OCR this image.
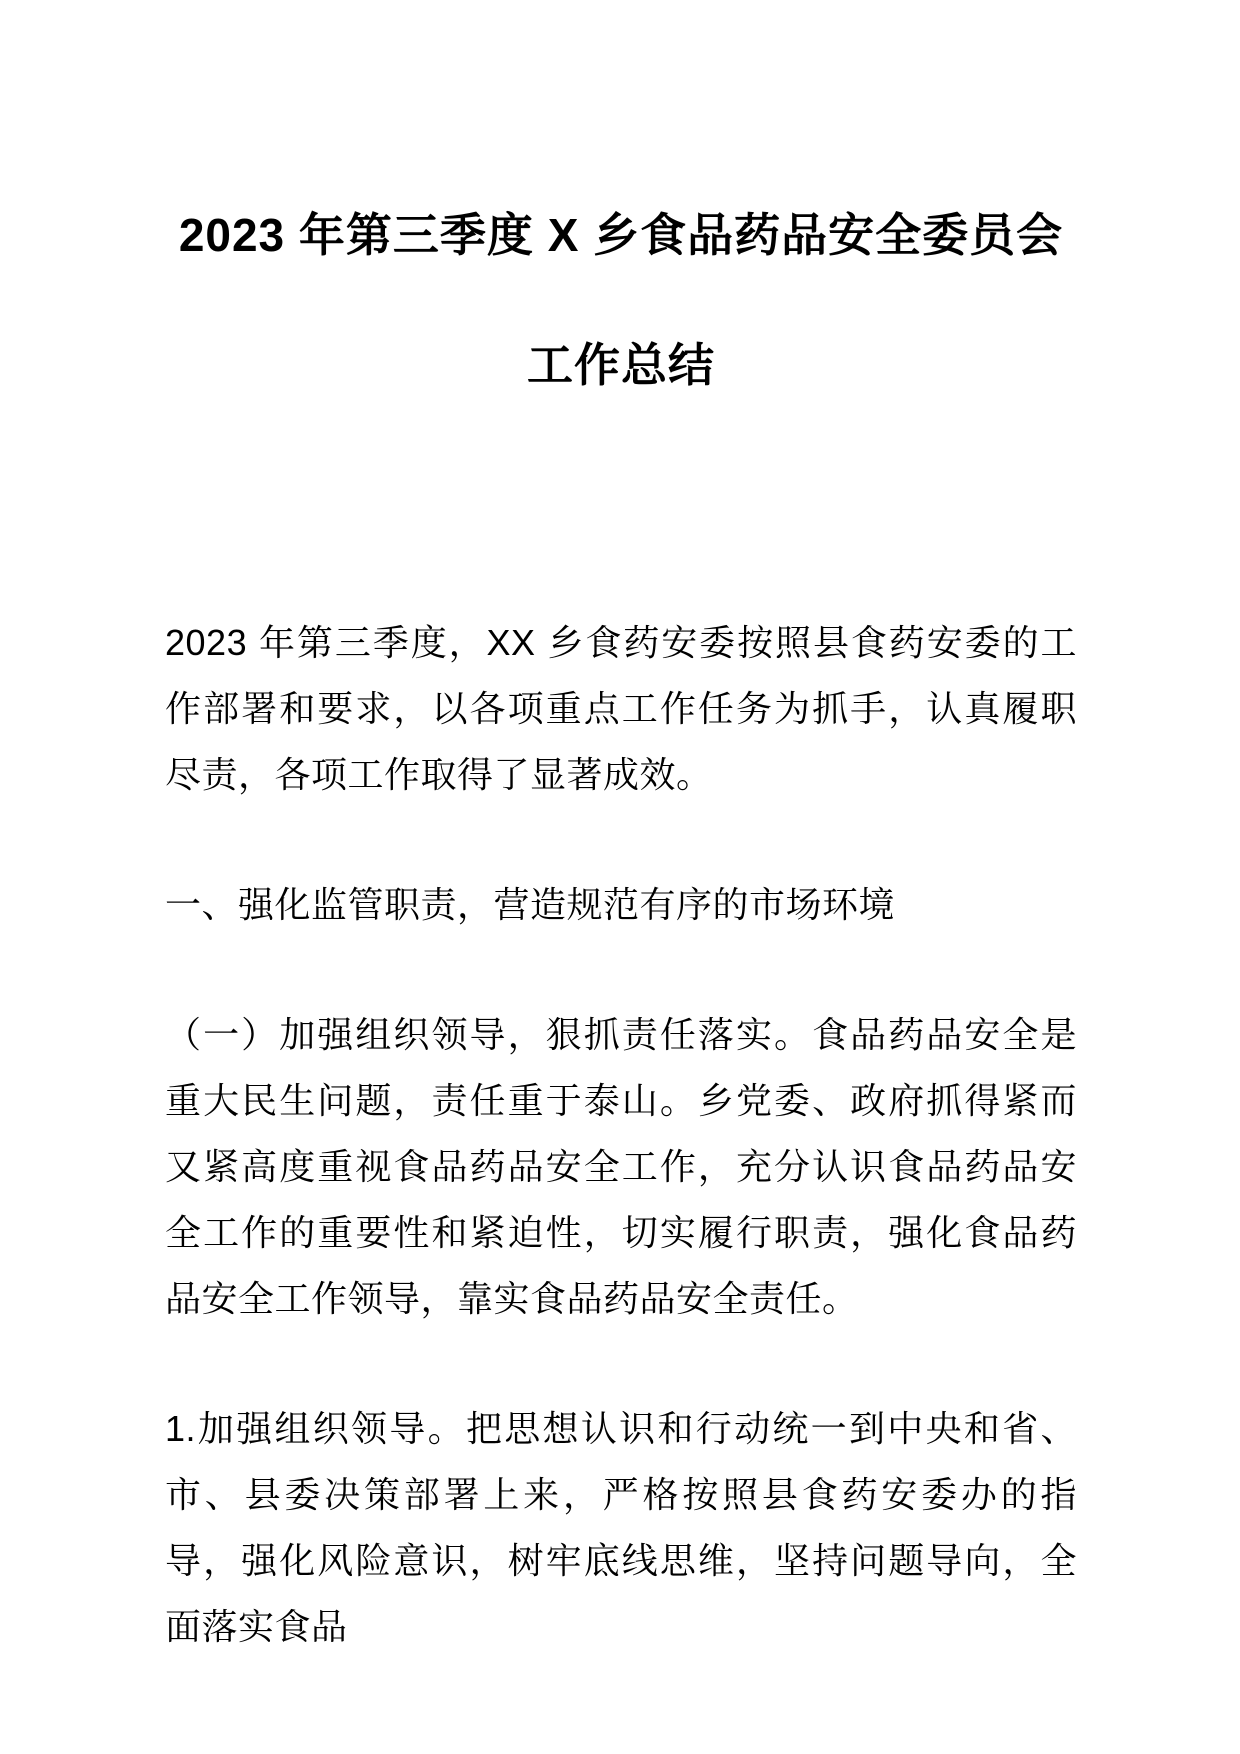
2023 年第三季度 X 乡食品药品安全委员会
工作总结

2023 年第三季度，XX 乡食药安委按照县食药安委的工作部署和要求，以各项重点工作任务为抓手，认真履职尽责，各项工作取得了显著成效。

一、强化监管职责，营造规范有序的市场环境

（一）加强组织领导，狠抓责任落实。食品药品安全是重大民生问题，责任重于泰山。乡党委、政府抓得紧而又紧高度重视食品药品安全工作，充分认识食品药品安全工作的重要性和紧迫性，切实履行职责，强化食品药品安全工作领导，靠实食品药品安全责任。

1.加强组织领导。把思想认识和行动统一到中央和省、市、县委决策部署上来，严格按照县食药安委办的指导，强化风险意识，树牢底线思维，坚持问题导向，全面落实食品
